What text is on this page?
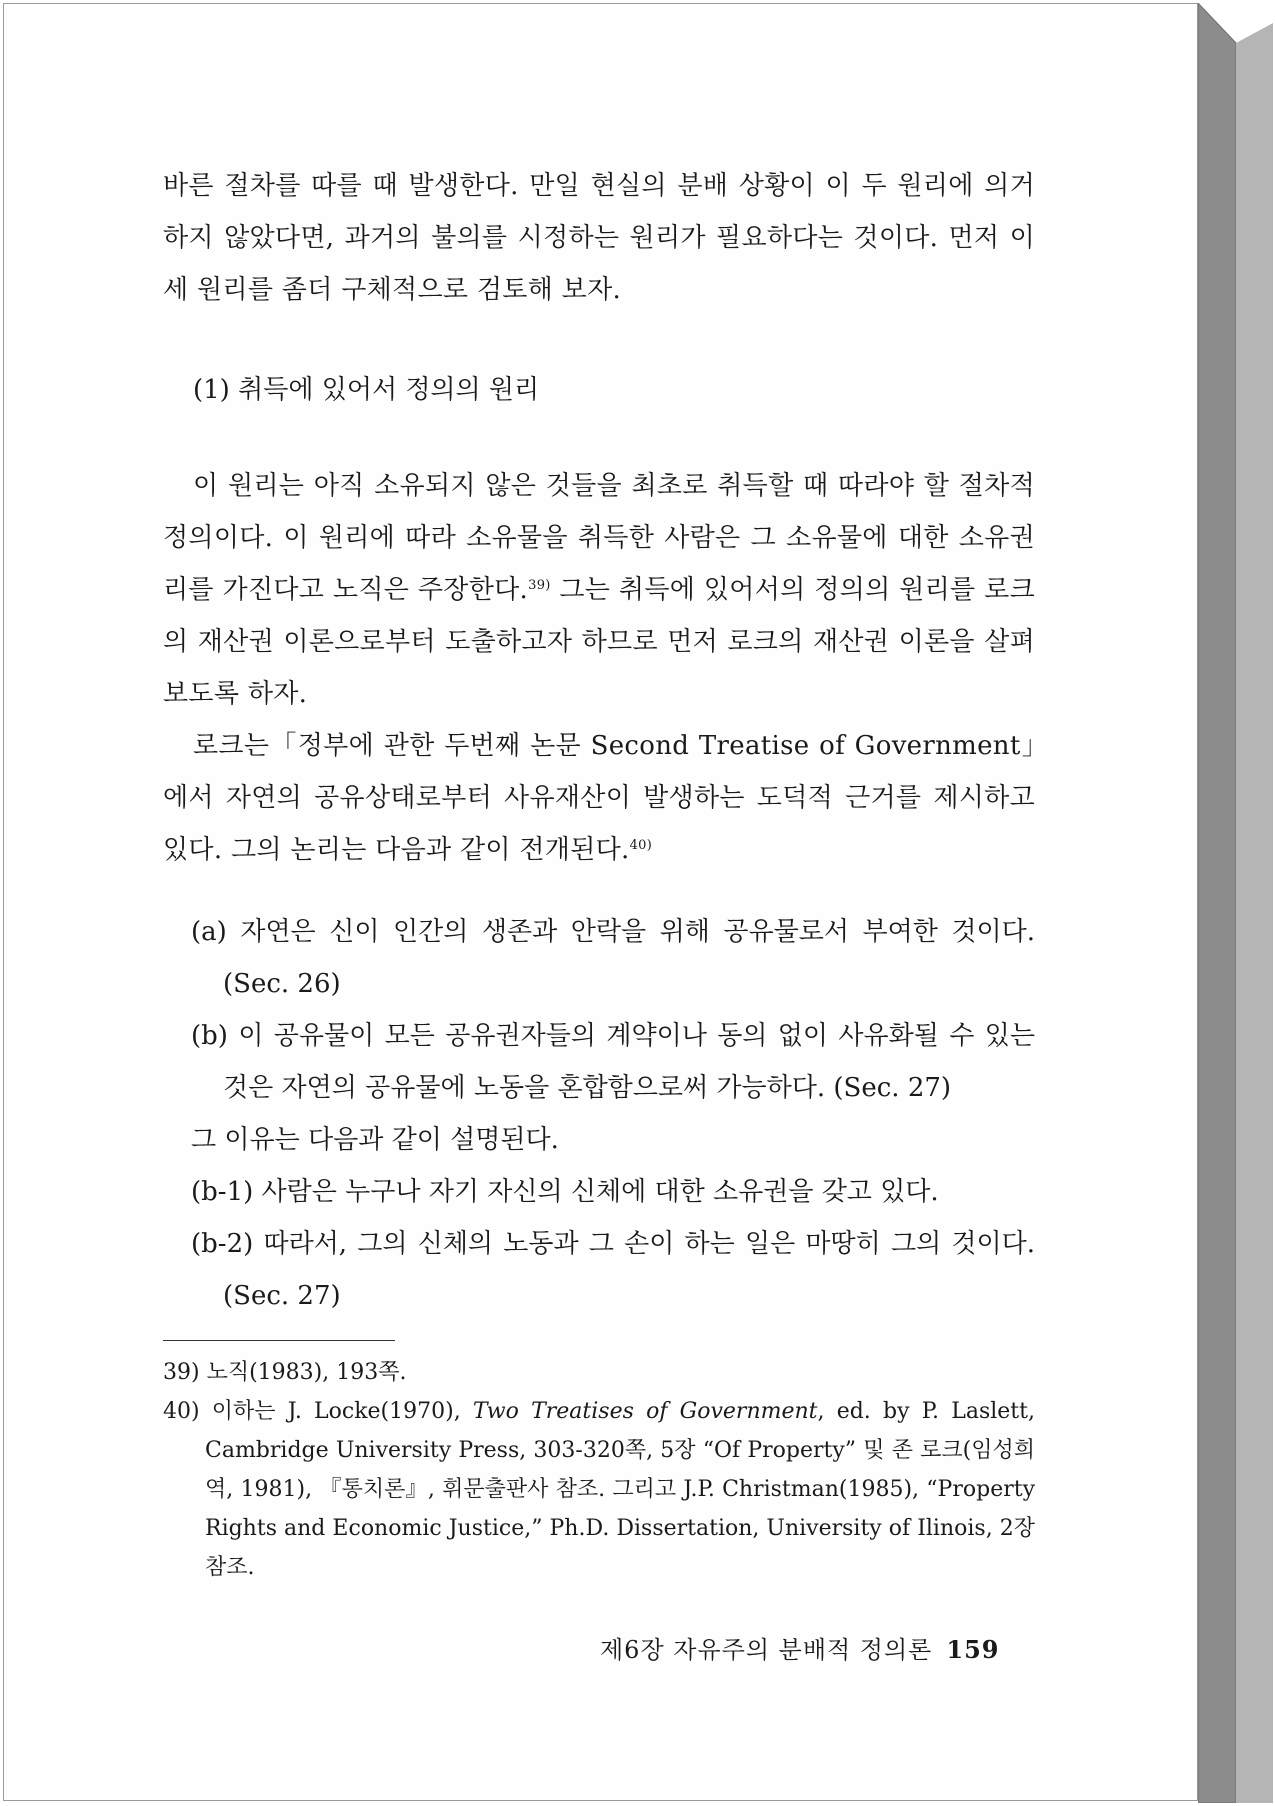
바른 절차를 따를 때 발생한다. 만일 현실의 분배 상황이 이 두 원리에 의거하지 않았다면, 과거의 불의를 시정하는 원리가 필요하다는 것이다. 먼저 이 세 원리를 좀더 구체적으로 검토해 보자.

(1) 취득에 있어서 정의의 원리

이 원리는 아직 소유되지 않은 것들을 최초로 취득할 때 따라야 할 절차적 정의이다. 이 원리에 따라 소유물을 취득한 사람은 그 소유물에 대한 소유권리를 가진다고 노직은 주장한다.$^{39)}$ 그는 취득에 있어서의 정의의 원리를 로크의 재산권 이론으로부터 도출하고자 하므로 먼저 로크의 재산권 이론을 살펴보도록 하자.

로크는「정부에 관한 두번째 논문 Second Treatise of Government」에서 자연의 공유상태로부터 사유재산이 발생하는 도덕적 근거를 제시하고 있다. 그의 논리는 다음과 같이 전개된다.$^{40)}$

(a) 자연은 신이 인간의 생존과 안락을 위해 공유물로서 부여한 것이다. (Sec. 26)
(b) 이 공유물이 모든 공유권자들의 계약이나 동의 없이 사유화될 수 있는 것은 자연의 공유물에 노동을 혼합함으로써 가능하다. (Sec. 27)
그 이유는 다음과 같이 설명된다.
(b-1) 사람은 누구나 자기 자신의 신체에 대한 소유권을 갖고 있다.
(b-2) 따라서, 그의 신체의 노동과 그 손이 하는 일은 마땅히 그의 것이다. (Sec. 27)
39) 노직(1983), 193쪽.
40) 이하는 J. Locke(1970), Two Treatises of Government, ed. by P. Laslett, Cambridge University Press, 303-320쪽, 5장 “Of Property” 및 존 로크(임성희 역, 1981), 『통치론』, 휘문출판사 참조. 그리고 J.P. Christman(1985), “Property Rights and Economic Justice,” Ph.D. Dissertation, University of Ilinois, 2장 참조.
제6장 자유주의 분배적 정의론 159
